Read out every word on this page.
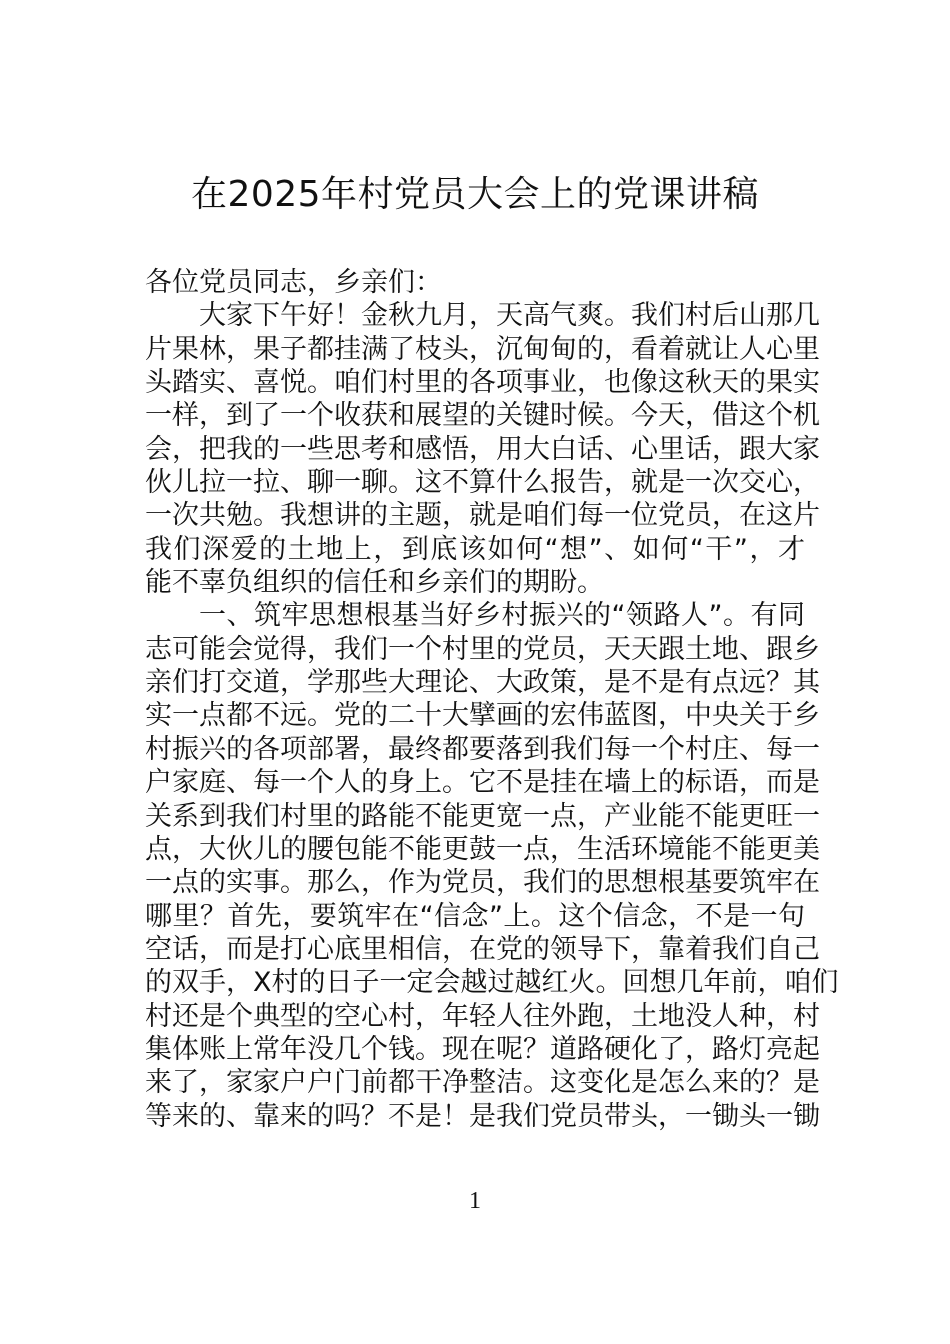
在2025年村党员大会上的党课讲稿
各位党员同志，乡亲们：
大家下午好！金秋九月，天高气爽。我们村后山那几
片果林，果子都挂满了枝头，沉甸甸的，看着就让人心里
头踏实、喜悦。咱们村里的各项事业，也像这秋天的果实
一样，到了一个收获和展望的关键时候。今天，借这个机
会，把我的一些思考和感悟，用大白话、心里话，跟大家
伙儿拉一拉、聊一聊。这不算什么报告，就是一次交心，
一次共勉。我想讲的主题，就是咱们每一位党员，在这片
我们深爱的土地上，到底该如何“想”、如何“干”，才
能不辜负组织的信任和乡亲们的期盼。
一、筑牢思想根基当好乡村振兴的“领路人”。有同
志可能会觉得，我们一个村里的党员，天天跟土地、跟乡
亲们打交道，学那些大理论、大政策，是不是有点远？其
实一点都不远。党的二十大擘画的宏伟蓝图，中央关于乡
村振兴的各项部署，最终都要落到我们每一个村庄、每一
户家庭、每一个人的身上。它不是挂在墙上的标语，而是
关系到我们村里的路能不能更宽一点，产业能不能更旺一
点，大伙儿的腰包能不能更鼓一点，生活环境能不能更美
一点的实事。那么，作为党员，我们的思想根基要筑牢在
哪里？首先，要筑牢在“信念”上。这个信念，不是一句
空话，而是打心底里相信，在党的领导下，靠着我们自己
的双手，X村的日子一定会越过越红火。回想几年前，咱们
村还是个典型的空心村，年轻人往外跑，土地没人种，村
集体账上常年没几个钱。现在呢？道路硬化了，路灯亮起
来了，家家户户门前都干净整洁。这变化是怎么来的？是
等来的、靠来的吗？不是！是我们党员带头，一锄头一锄
1
